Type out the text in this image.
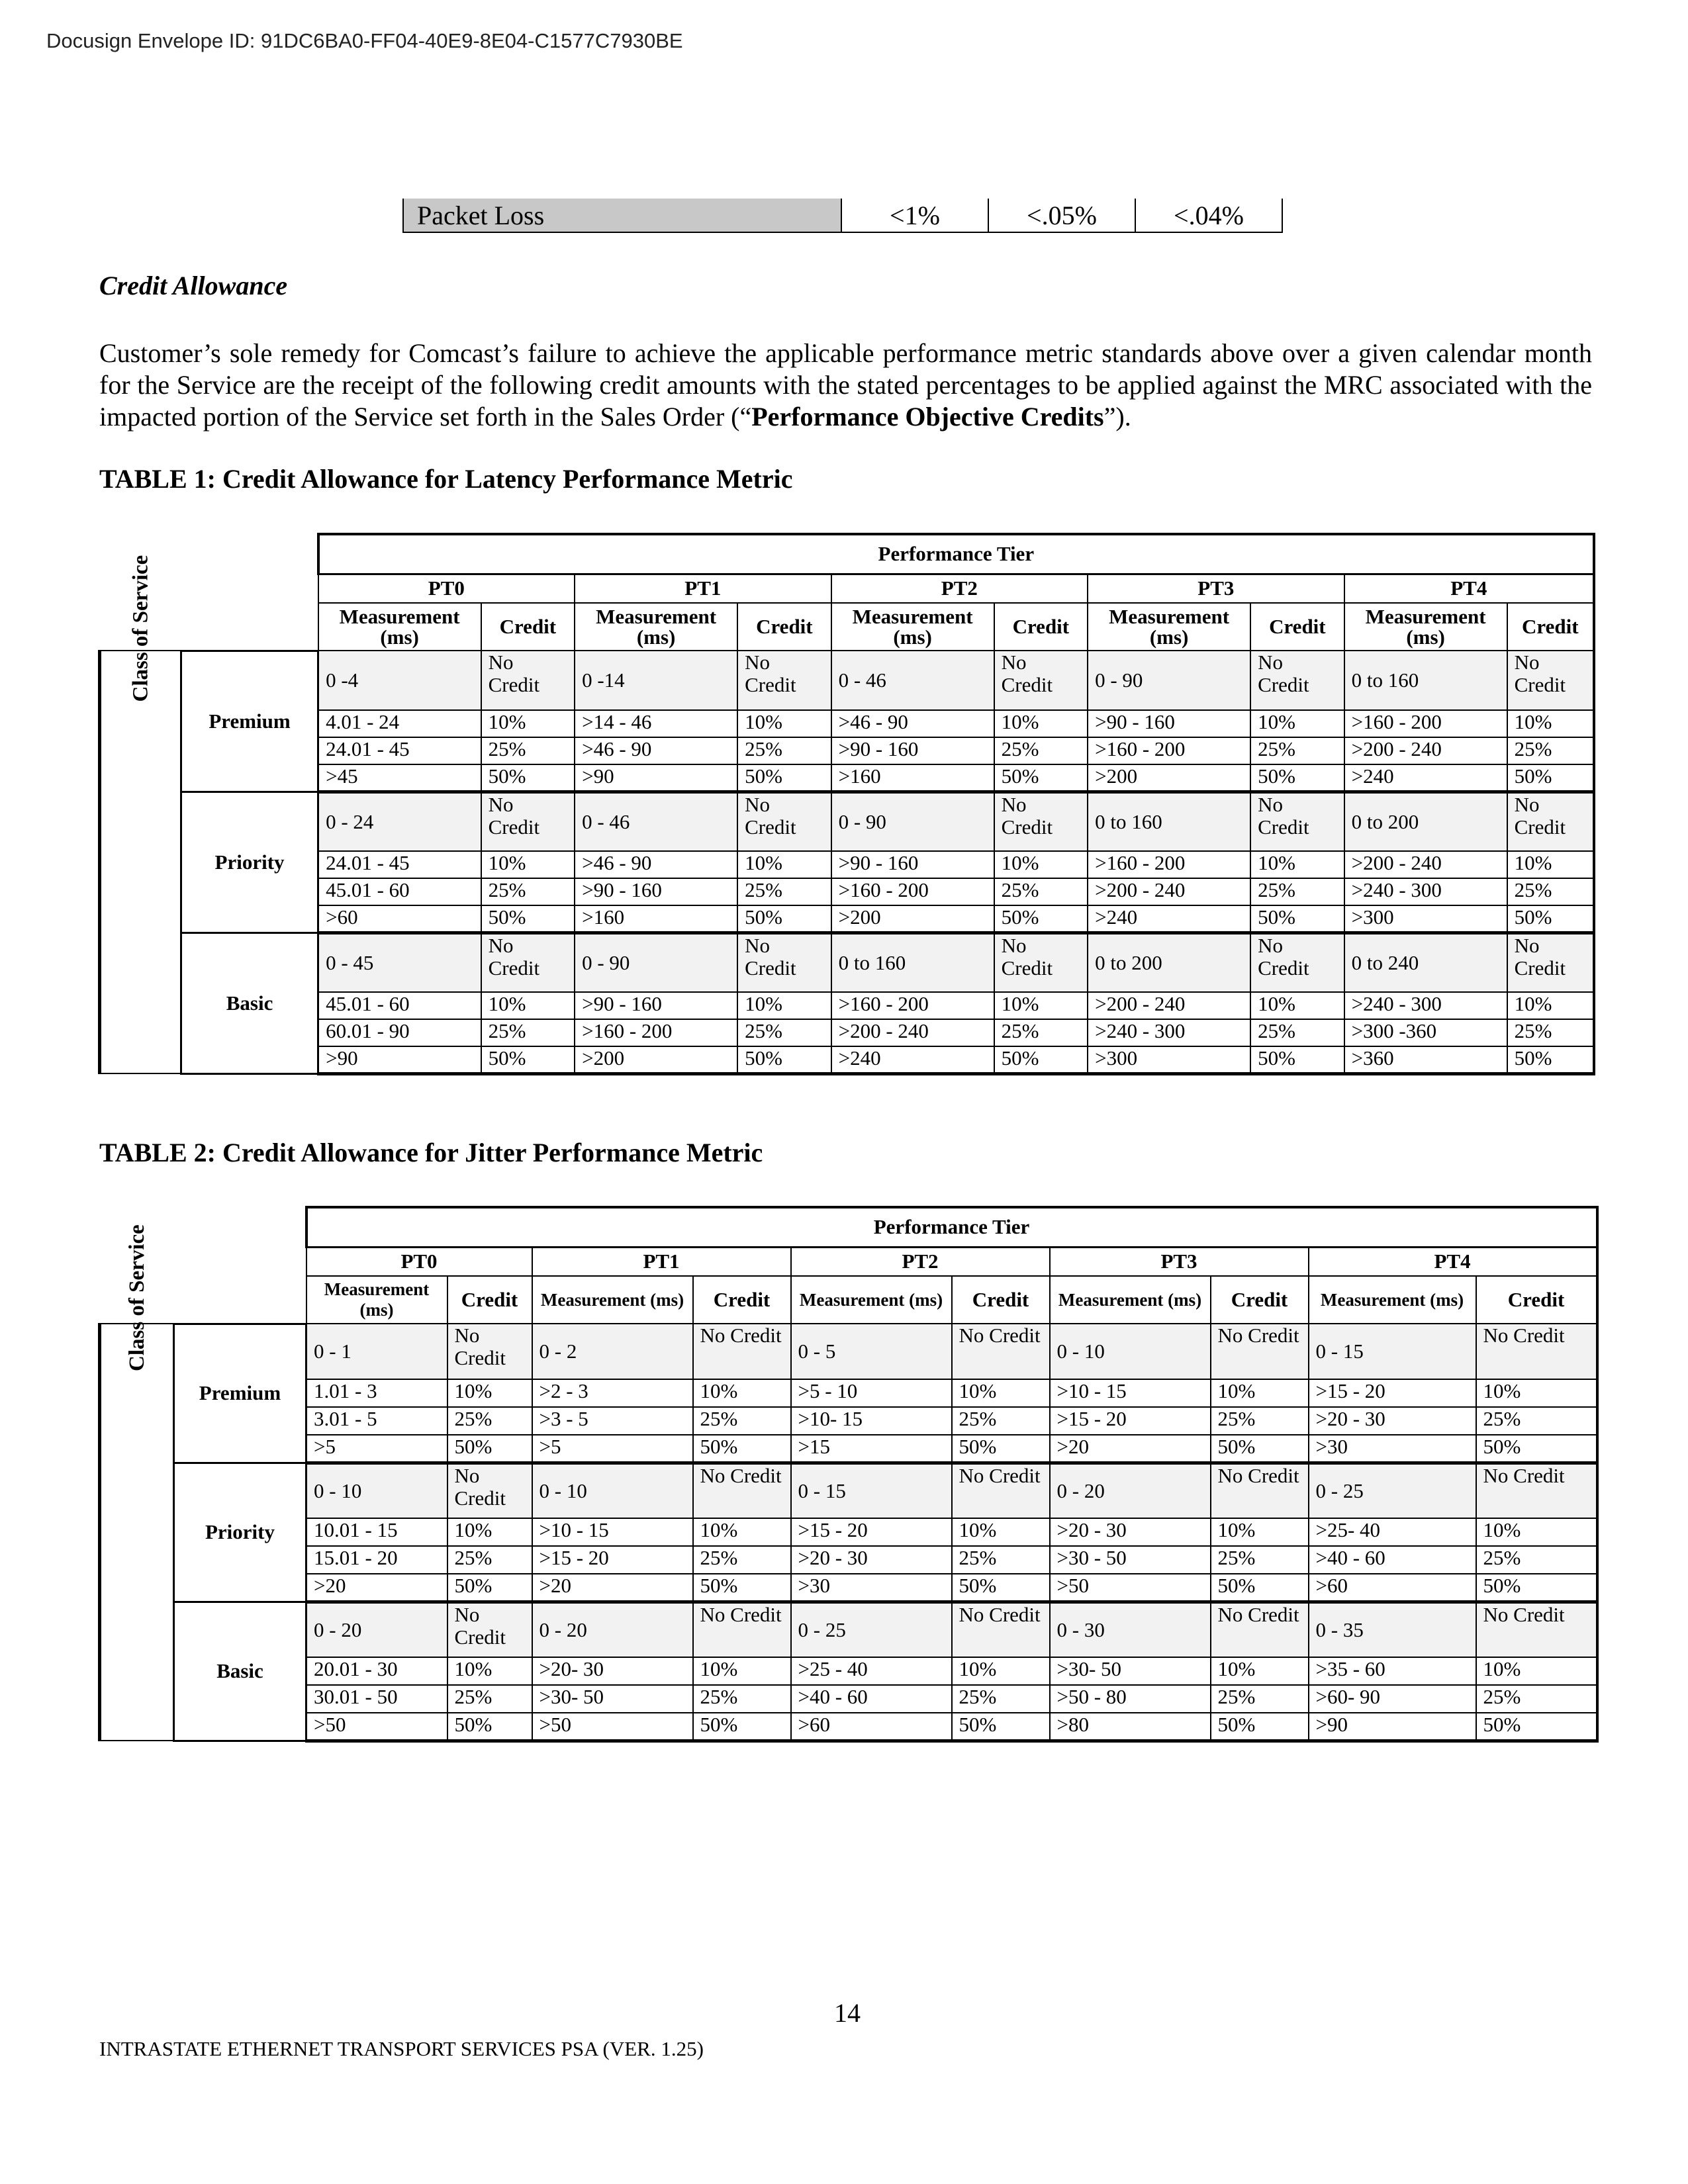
Docusign Envelope ID: 91DC6BA0-FF04-40E9-8E04-C1577C7930BE
Packet Loss	<1%	<.05%	<.04%
Credit Allowance
Customer’s sole remedy for Comcast’s failure to achieve the applicable performance metric standards above over a given calendar month for the Service are the receipt of the following credit amounts with the stated percentages to be applied against the MRC associated with the impacted portion of the Service set forth in the Sales Order (“Performance Objective Credits”).
TABLE 1: Credit Allowance for Latency Performance Metric
		Performance Tier									
		PT0		PT1		PT2		PT3		PT4	
		Measurement (ms)	Credit	Measurement (ms)	Credit	Measurement (ms)	Credit	Measurement (ms)	Credit	Measurement (ms)	Credit

Class of Service	Premium	0 -4	No Credit	0 -14	No Credit	0 - 46	No Credit	0 - 90	No Credit	0 to 160	No Credit
		4.01 - 24	10%	>14 - 46	10%	>46 - 90	10%	>90 - 160	10%	>160 - 200	10%
		24.01 - 45	25%	>46 - 90	25%	>90 - 160	25%	>160 - 200	25%	>200 - 240	25%
		>45	50%	>90	50%	>160	50%	>200	50%	>240	50%
	Priority	0 - 24	No Credit	0 - 46	No Credit	0 - 90	No Credit	0 to 160	No Credit	0 to 200	No Credit
		24.01 - 45	10%	>46 - 90	10%	>90 - 160	10%	>160 - 200	10%	>200 - 240	10%
		45.01 - 60	25%	>90 - 160	25%	>160 - 200	25%	>200 - 240	25%	>240 - 300	25%
		>60	50%	>160	50%	>200	50%	>240	50%	>300	50%
	Basic	0 - 45	No Credit	0 - 90	No Credit	0 to 160	No Credit	0 to 200	No Credit	0 to 240	No Credit
		45.01 - 60	10%	>90 - 160	10%	>160 - 200	10%	>200 - 240	10%	>240 - 300	10%
		60.01 - 90	25%	>160 - 200	25%	>200 - 240	25%	>240 - 300	25%	>300 -360	25%
		>90	50%	>200	50%	>240	50%	>300	50%	>360	50%
TABLE 2: Credit Allowance for Jitter Performance Metric
		Performance Tier									
		PT0		PT1		PT2		PT3		PT4	
		Measurement (ms)	Credit	Measurement (ms)	Credit	Measurement (ms)	Credit	Measurement (ms)	Credit	Measurement (ms)	Credit

Class of Service	Premium	0 - 1	No Credit	0 - 2	No Credit	0 - 5	No Credit	0 - 10	No Credit	0 - 15	No Credit
		1.01 - 3	10%	>2 - 3	10%	>5 - 10	10%	>10 - 15	10%	>15 - 20	10%
		3.01 - 5	25%	>3 - 5	25%	>10- 15	25%	>15 - 20	25%	>20 - 30	25%
		>5	50%	>5	50%	>15	50%	>20	50%	>30	50%
	Priority	0 - 10	No Credit	0 - 10	No Credit	0 - 15	No Credit	0 - 20	No Credit	0 - 25	No Credit
		10.01 - 15	10%	>10 - 15	10%	>15 - 20	10%	>20 - 30	10%	>25- 40	10%
		15.01 - 20	25%	>15 - 20	25%	>20 - 30	25%	>30 - 50	25%	>40 - 60	25%
		>20	50%	>20	50%	>30	50%	>50	50%	>60	50%
	Basic	0 - 20	No Credit	0 - 20	No Credit	0 - 25	No Credit	0 - 30	No Credit	0 - 35	No Credit
		20.01 - 30	10%	>20- 30	10%	>25 - 40	10%	>30- 50	10%	>35 - 60	10%
		30.01 - 50	25%	>30- 50	25%	>40 - 60	25%	>50 - 80	25%	>60- 90	25%
		>50	50%	>50	50%	>60	50%	>80	50%	>90	50%
14
INTRASTATE ETHERNET TRANSPORT SERVICES PSA (VER. 1.25)
